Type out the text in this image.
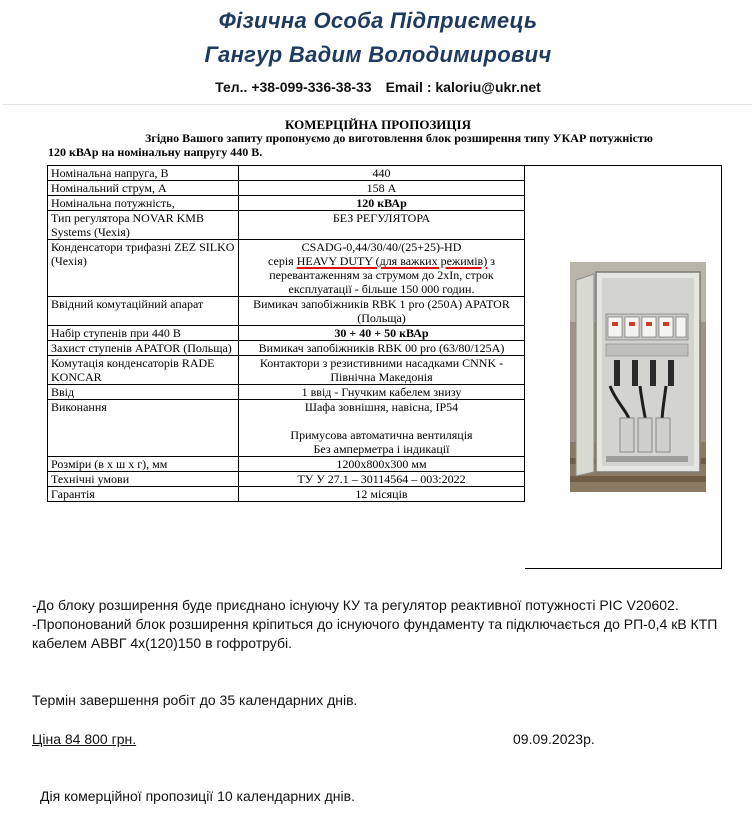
Фізична Особа Підприємець
Гангур Вадим Володимирович
Тел.. +38-099-336-38-33 Email : kaloriu@ukr.net
КОМЕРЦІЙНА ПРОПОЗИЦІЯ
Згідно Вашого запиту пропонуємо до виготовлення блок розширення типу УКАР потужністю
120 кВАр на номінальну напругу 440 В.
Номінальна напруга, В	440
Номінальний струм, А	158 А
Номінальна потужність,	120 кВАр
Тип регулятора NOVAR KMB Systems (Чехія)	БЕЗ РЕГУЛЯТОРА
Конденсатори трифазні ZEZ SILKO (Чехія)	CSADG-0,44/30/40/(25+25)-HD
серія HEAVY DUTY (для важких режимів) з перевантаженням за струмом до 2хIn, строк експлуатації - більше 150 000 годин.
Ввідний комутаційний апарат	Вимикач запобіжників RBK 1 pro (250А) APATOR (Польща)
Набір ступенів при 440 В	30 + 40 + 50 кВАр
Захист ступенів APATOR (Польща)	Вимикач запобіжників RBK 00 pro (63/80/125А)
Комутація конденсаторів RADE KONCAR	Контактори з резистивними насадками CNNK - Північна Македонія
Ввід	1 ввід - Гнучким кабелем знизу
Виконання	Шафа зовнішня, навісна, IP54
Примусова автоматична вентиляція
Без амперметра і індикації
Розміри (в х ш х г), мм	1200х800х300 мм
Технічні умови	ТУ У 27.1 – 30114564 – 003:2022
Гарантія	12 місяців

-До блоку розширення буде приєднано існуючу КУ та регулятор реактивної потужності PIC V20602.

-Пропонований блок розширення кріпиться до існуючого фундаменту та підключається до РП-0,4 кВ КТП кабелем АВВГ 4х(120)150 в гофротрубі.

Термін завершення робіт до 35 календарних днів.
Ціна 84 800 грн.	09.09.2023р.
Дія комерційної пропозиції 10 календарних днів.
